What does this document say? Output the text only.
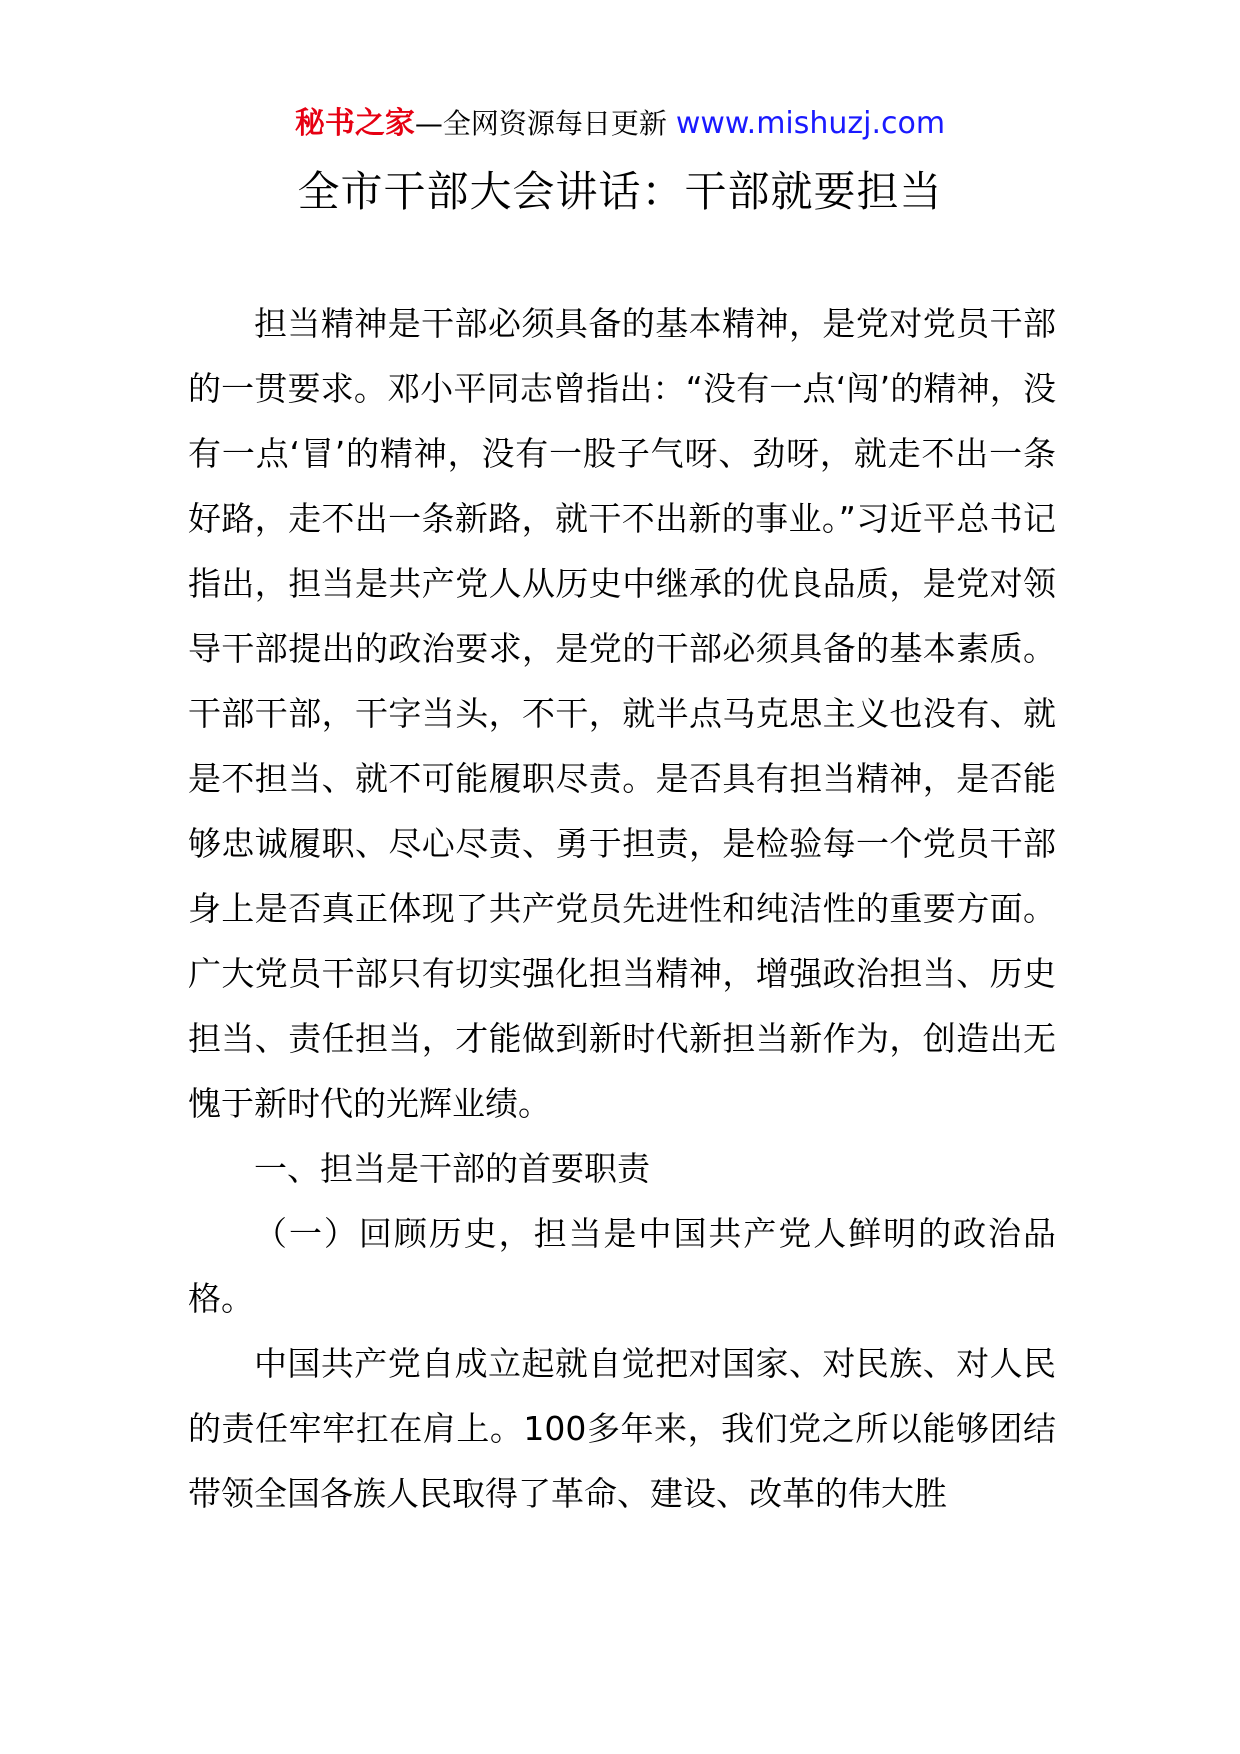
秘书之家—全网资源每日更新 www.mishuzj.com
全市干部大会讲话：干部就要担当

担当精神是干部必须具备的基本精神，是党对党员干部的一贯要求。邓小平同志曾指出：“没有一点‘闯’的精神，没有一点‘冒’的精神，没有一股子气呀、劲呀，就走不出一条好路，走不出一条新路，就干不出新的事业。”习近平总书记指出，担当是共产党人从历史中继承的优良品质，是党对领导干部提出的政治要求，是党的干部必须具备的基本素质。干部干部，干字当头，不干，就半点马克思主义也没有、就是不担当、就不可能履职尽责。是否具有担当精神，是否能够忠诚履职、尽心尽责、勇于担责，是检验每一个党员干部身上是否真正体现了共产党员先进性和纯洁性的重要方面。广大党员干部只有切实强化担当精神，增强政治担当、历史担当、责任担当，才能做到新时代新担当新作为，创造出无愧于新时代的光辉业绩。

一、担当是干部的首要职责

（一）回顾历史，担当是中国共产党人鲜明的政治品格。

中国共产党自成立起就自觉把对国家、对民族、对人民的责任牢牢扛在肩上。100多年来，我们党之所以能够团结带领全国各族人民取得了革命、建设、改革的伟大胜
